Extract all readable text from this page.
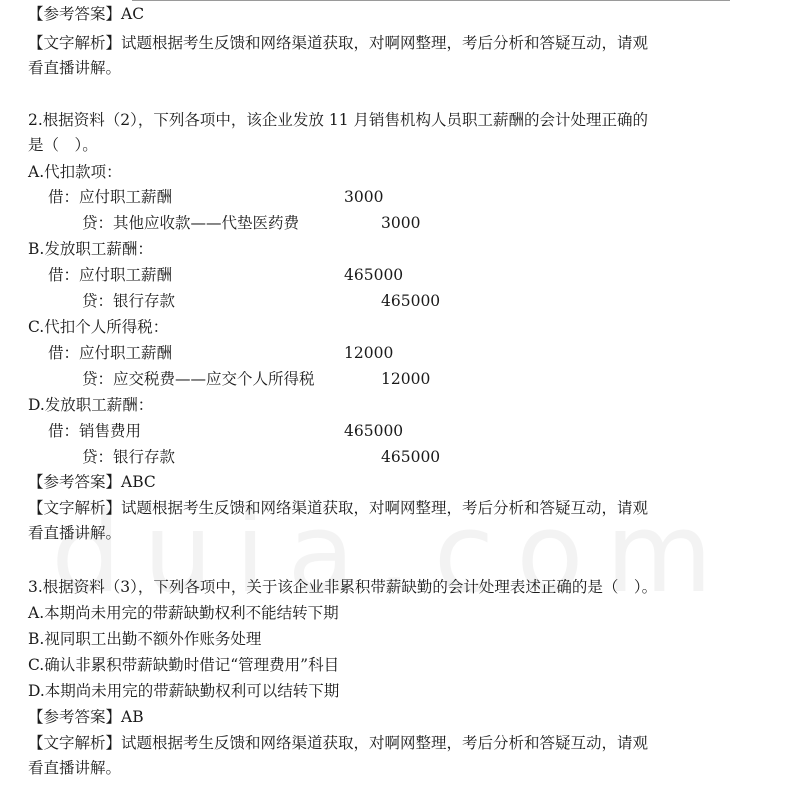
【参考答案】AC
【文字解析】试题根据考生反馈和网络渠道获取，对啊网整理，考后分析和答疑互动，请观
看直播讲解。
2.根据资料（2），下列各项中，该企业发放 11 月销售机构人员职工薪酬的会计处理正确的
是（　）。
A.代扣款项：
借：应付职工薪酬	3000
贷：其他应收款——代垫医药费	3000
B.发放职工薪酬：
借：应付职工薪酬	465000
贷：银行存款	465000
C.代扣个人所得税：
借：应付职工薪酬	12000
贷：应交税费——应交个人所得税	12000
D.发放职工薪酬：
借：销售费用	465000
贷：银行存款	465000
【参考答案】ABC
【文字解析】试题根据考生反馈和网络渠道获取，对啊网整理，考后分析和答疑互动，请观
看直播讲解。
3.根据资料（3），下列各项中，关于该企业非累积带薪缺勤的会计处理表述正确的是（　）。
A.本期尚未用完的带薪缺勤权利不能结转下期
B.视同职工出勤不额外作账务处理
C.确认非累积带薪缺勤时借记“管理费用”科目
D.本期尚未用完的带薪缺勤权利可以结转下期
【参考答案】AB
【文字解析】试题根据考生反馈和网络渠道获取，对啊网整理，考后分析和答疑互动，请观
看直播讲解。
